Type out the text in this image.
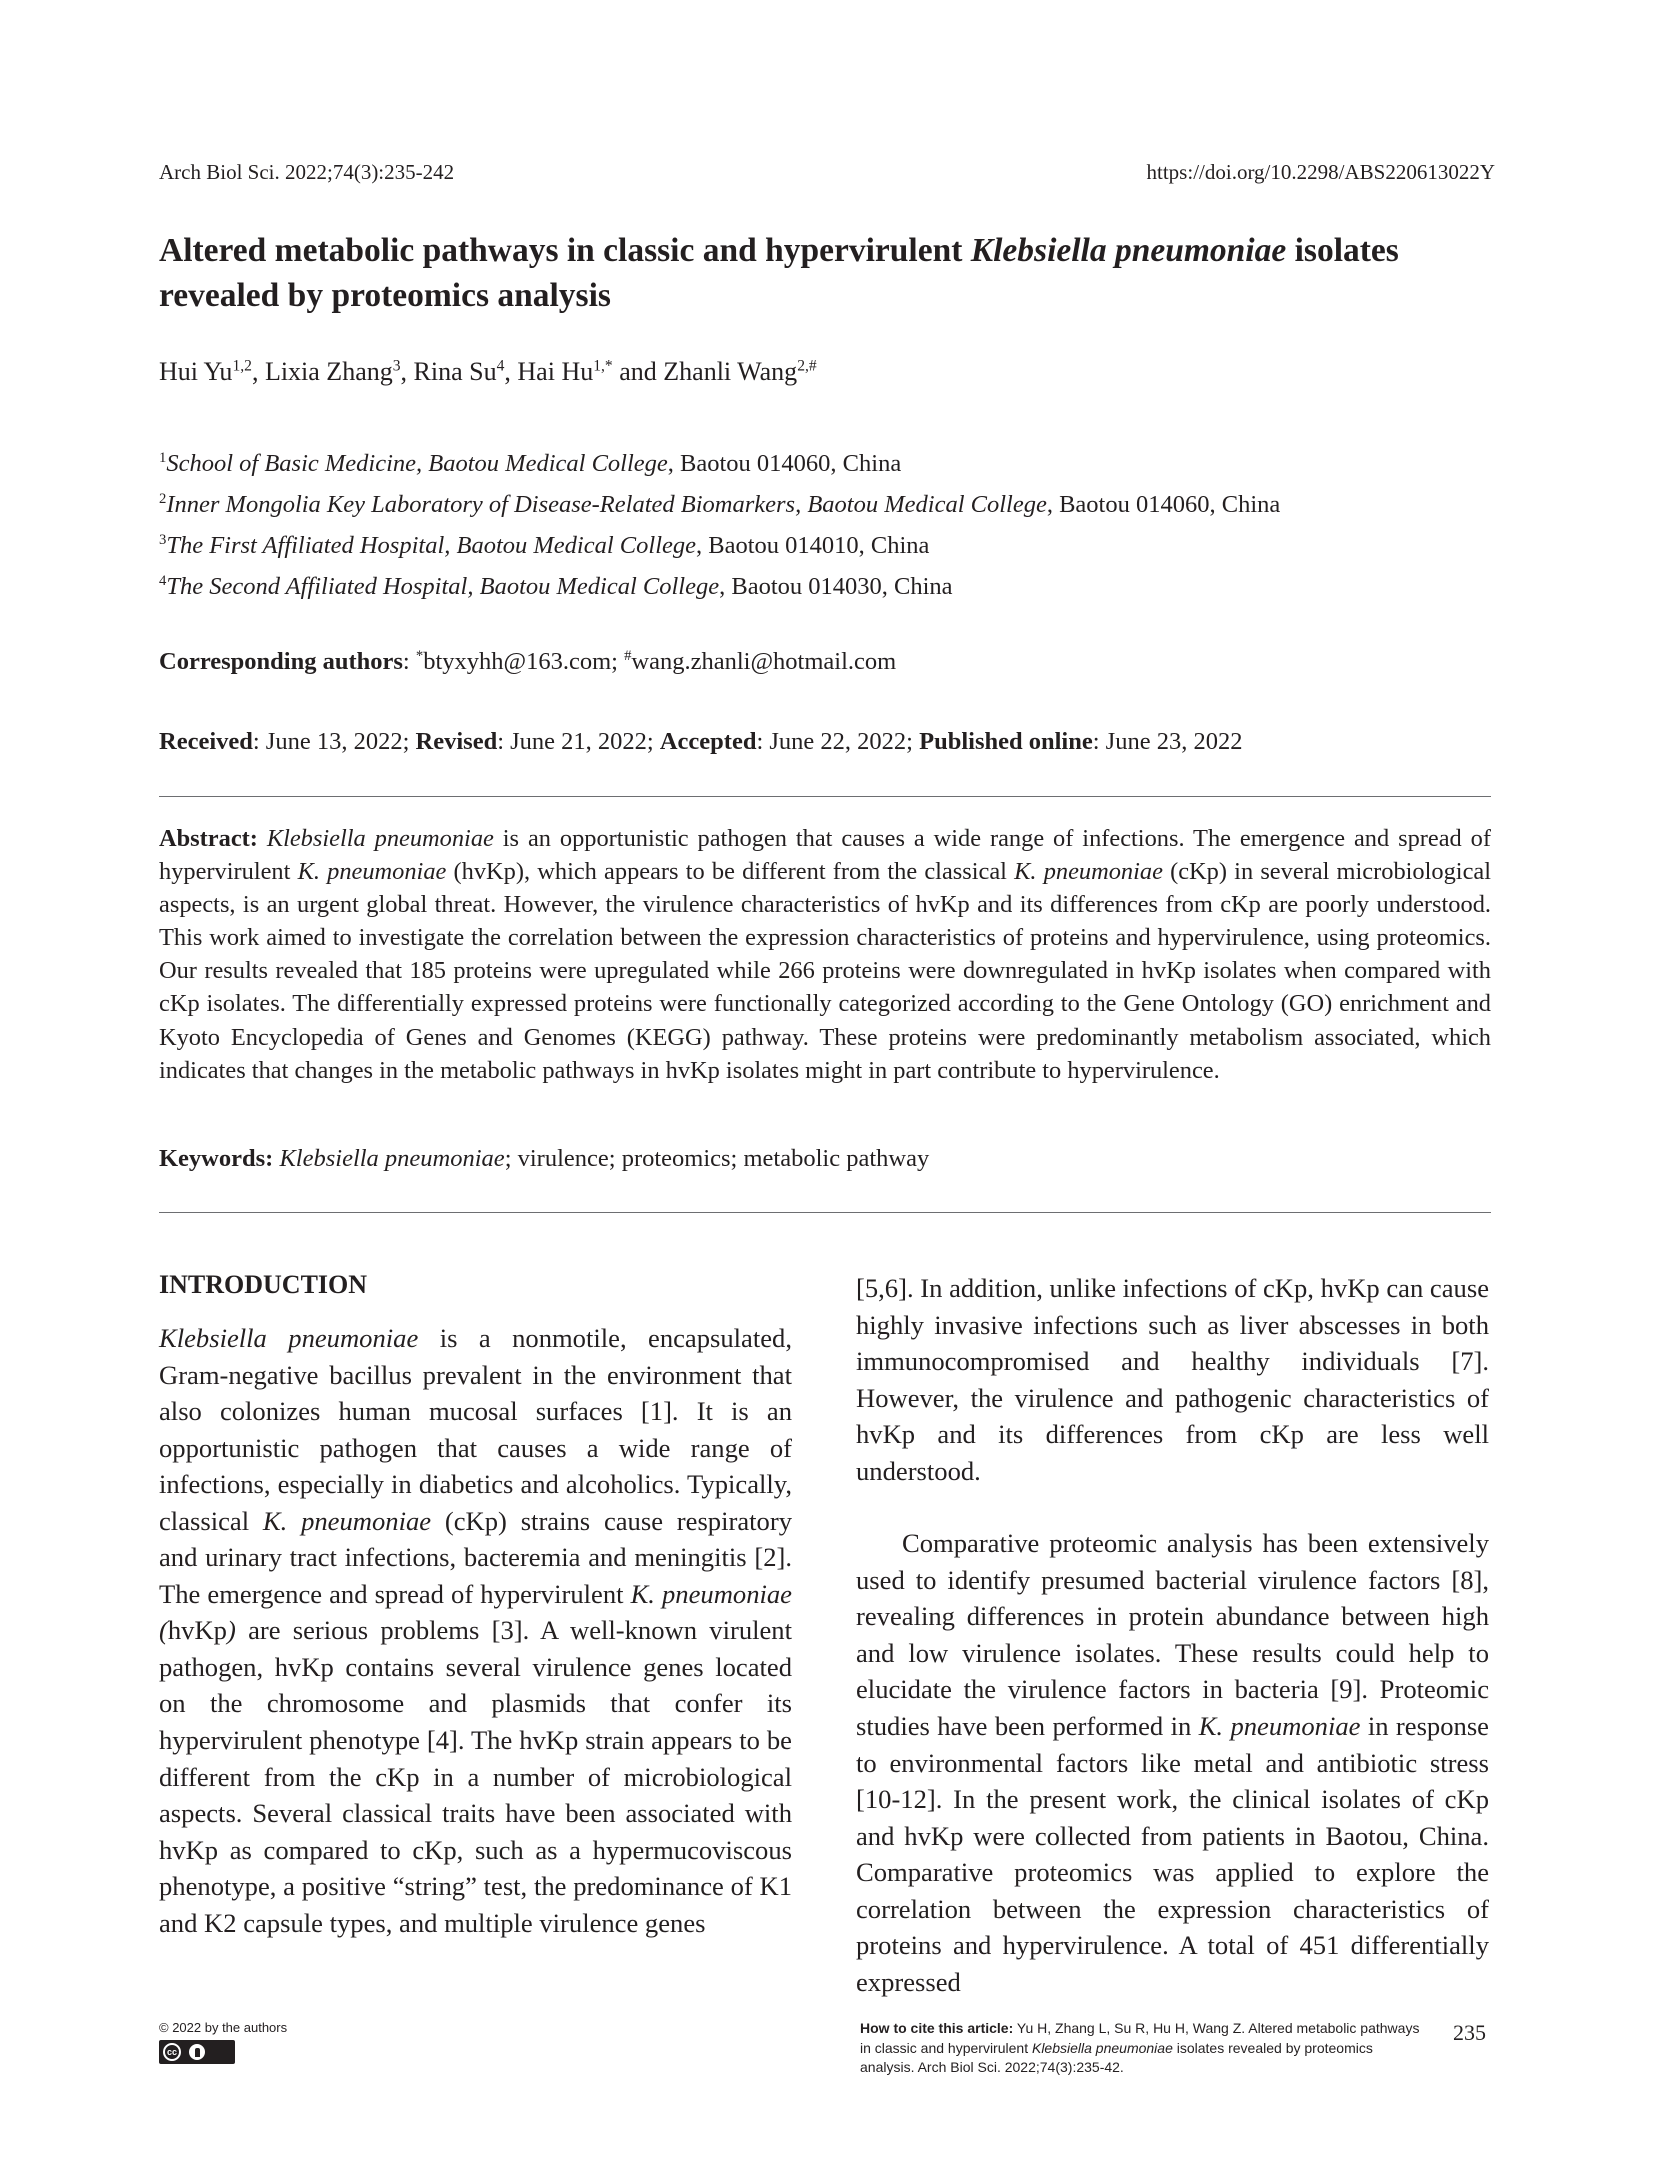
Arch Biol Sci. 2022;74(3):235-242	https://doi.org/10.2298/ABS220613022Y
Altered metabolic pathways in classic and hypervirulent Klebsiella pneumoniae isolates revealed by proteomics analysis
Hui Yu$^{1,2}$, Lixia Zhang$^3$, Rina Su$^4$, Hai $Hu^{1,*}$ and Zhanli Wang$^{2,\#}$
$^1$School of Basic Medicine, Baotou Medical College, Baotou 014060, China
$^2$Inner Mongolia Key Laboratory of Disease-Related Biomarkers, Baotou Medical College, Baotou 014060, China
$^3$The First Affiliated Hospital, Baotou Medical College, Baotou 014010, China
$^4$The Second Affiliated Hospital, Baotou Medical College, Baotou 014030, China
Corresponding authors: *btyxyhh@163.com; #wang.zhanli@hotmail.com
Received: June 13, 2022; Revised: June 21, 2022; Accepted: June 22, 2022; Published online: June 23, 2022

Abstract: Klebsiella pneumoniae is an opportunistic pathogen that causes a wide range of infections. The emergence and spread of hypervirulent K. pneumoniae (hvKp), which appears to be different from the classical K. pneumoniae (cKp) in several microbiological aspects, is an urgent global threat. However, the virulence characteristics of hvKp and its differences from cKp are poorly understood. This work aimed to investigate the correlation between the expression characteristics of proteins and hypervirulence, using proteomics. Our results revealed that 185 proteins were upregulated while 266 proteins were downregulated in hvKp isolates when compared with cKp isolates. The differentially expressed proteins were functionally categorized according to the Gene Ontology (GO) enrichment and Kyoto Encyclopedia of Genes and Genomes (KEGG) pathway. These proteins were predominantly metabolism associated, which indicates that changes in the metabolic pathways in hvKp isolates might in part contribute to hypervirulence.

Keywords: Klebsiella pneumoniae; virulence; proteomics; metabolic pathway
INTRODUCTION

Klebsiella pneumoniae is a nonmotile, encapsulated, Gram-negative bacillus prevalent in the environment that also colonizes human mucosal surfaces [1]. It is an opportunistic pathogen that causes a wide range of infections, especially in diabetics and alcoholics. Typically, classical K. pneumoniae (cKp) strains cause respiratory and urinary tract infections, bacteremia and meningitis [2]. The emergence and spread of hypervirulent K. pneumoniae (hvKp) are serious problems [3]. A well-known virulent pathogen, hvKp contains several virulence genes located on the chromosome and plasmids that confer its hypervirulent phenotype [4]. The hvKp strain appears to be different from the cKp in a number of microbiological aspects. Several classical traits have been associated with hvKp as compared to cKp, such as a hypermucoviscous phenotype, a positive “string” test, the predominance of K1 and K2 capsule types, and multiple virulence genes

[5,6]. In addition, unlike infections of cKp, hvKp can cause highly invasive infections such as liver abscesses in both immunocompromised and healthy individuals [7]. However, the virulence and pathogenic characteristics of hvKp and its differences from cKp are less well understood.

Comparative proteomic analysis has been extensively used to identify presumed bacterial virulence factors [8], revealing differences in protein abundance between high and low virulence isolates. These results could help to elucidate the virulence factors in bacteria [9]. Proteomic studies have been performed in K. pneumoniae in response to environmental factors like metal and antibiotic stress [10-12]. In the present work, the clinical isolates of cKp and hvKp were collected from patients in Baotou, China. Comparative proteomics was applied to explore the correlation between the expression characteristics of proteins and hypervirulence. A total of 451 differentially expressed

© 2022 by the authors
cc

How to cite this article: Yu H, Zhang L, Su R, Hu H, Wang Z. Altered metabolic pathways in classic and hypervirulent Klebsiella pneumoniae isolates revealed by proteomics analysis. Arch Biol Sci. 2022;74(3):235-42.

235
